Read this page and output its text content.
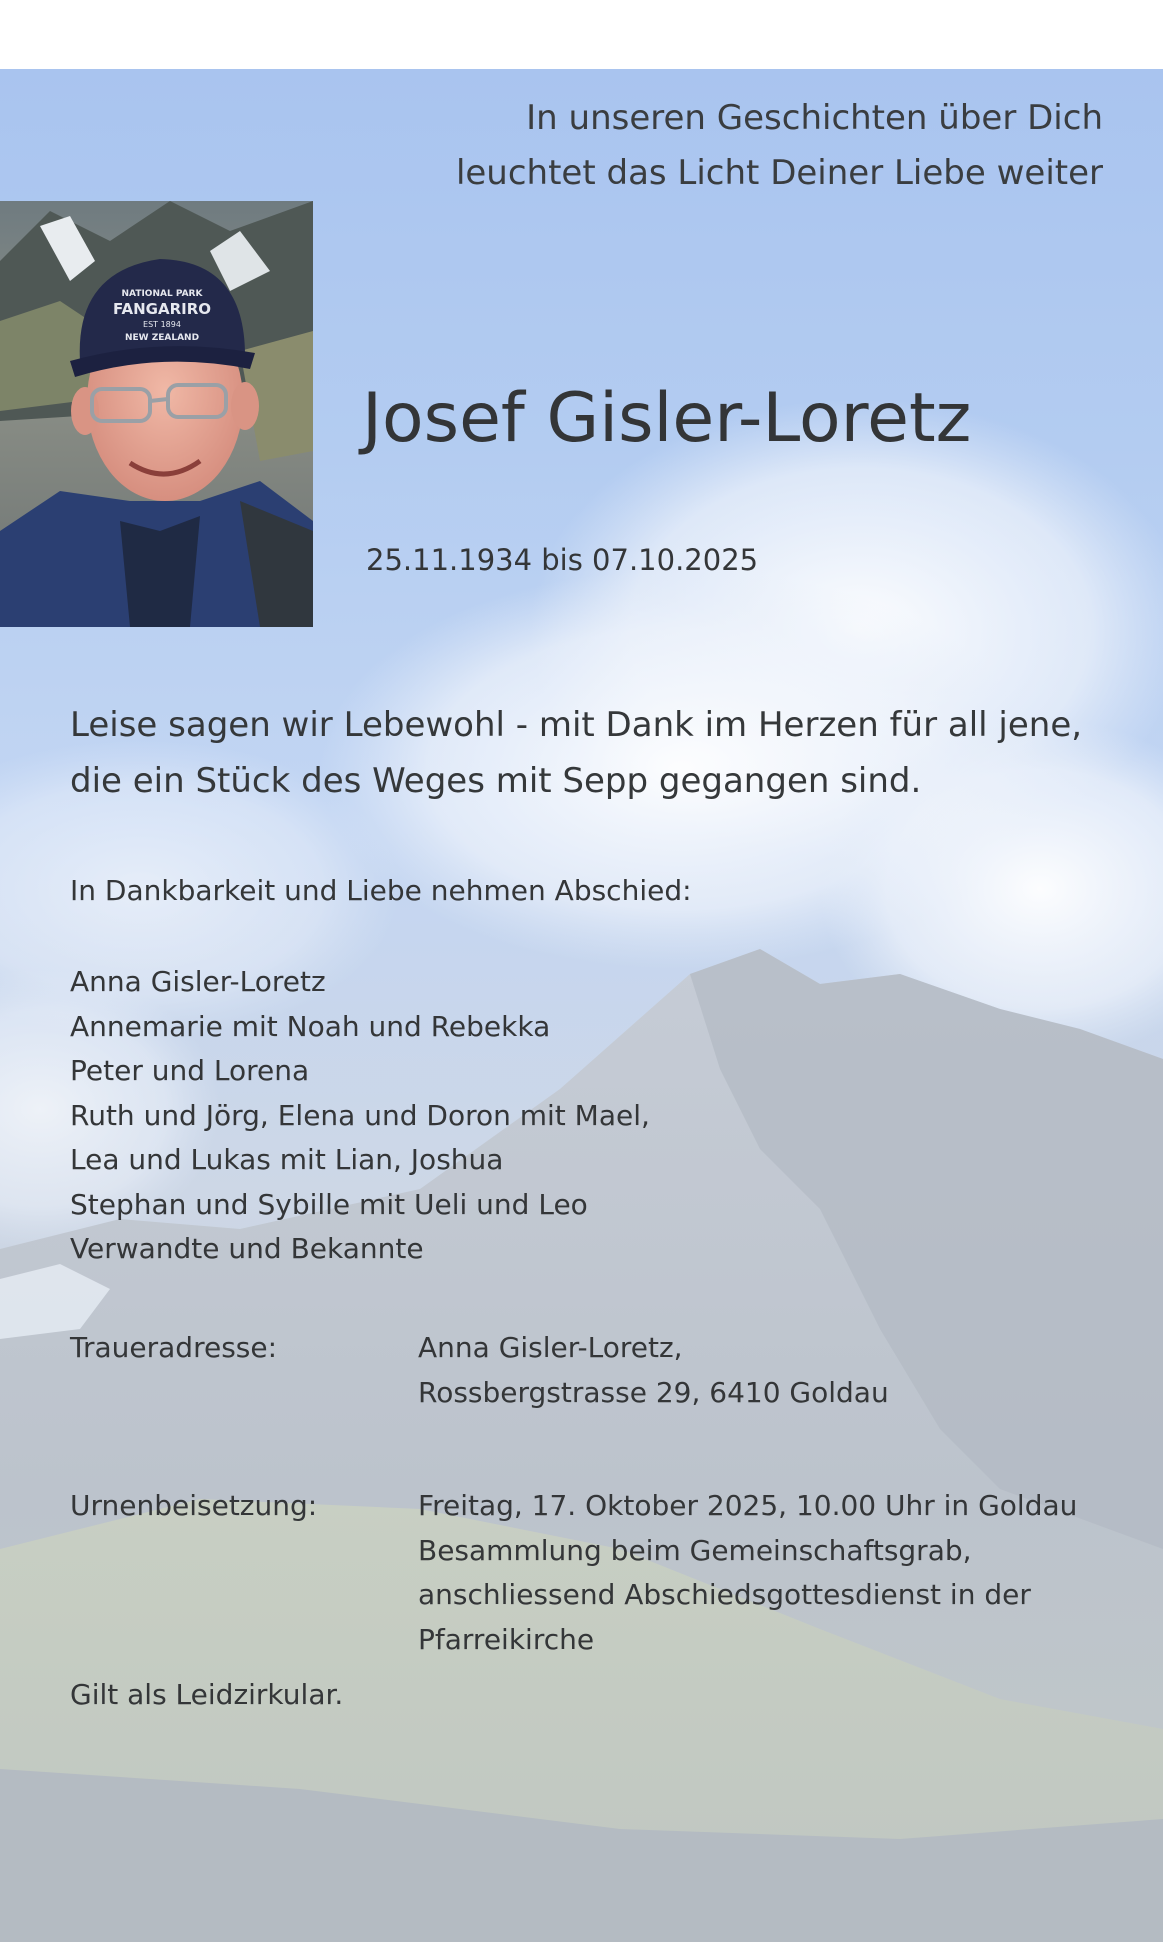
In unseren Geschichten über Dich
leuchtet das Licht Deiner Liebe weiter
NATIONAL PARK
FANGARIRO
EST 1894
NEW ZEALAND
Josef Gisler-Loretz
25.11.1934 bis 07.10.2025
Leise sagen wir Lebewohl - mit Dank im Herzen für all jene,
die ein Stück des Weges mit Sepp gegangen sind.
In Dankbarkeit und Liebe nehmen Abschied:
Anna Gisler-Loretz
Annemarie mit Noah und Rebekka
Peter und Lorena
Ruth und Jörg, Elena und Doron mit Mael,
Lea und Lukas mit Lian, Joshua
Stephan und Sybille mit Ueli und Leo
Verwandte und Bekannte
Traueradresse:	Anna Gisler-Loretz,
Rossbergstrasse 29, 6410 Goldau
Urnenbeisetzung:	Freitag, 17. Oktober 2025, 10.00 Uhr in Goldau
Besammlung beim Gemeinschaftsgrab,
anschliessend Abschiedsgottesdienst in der
Pfarreikirche
Gilt als Leidzirkular.
